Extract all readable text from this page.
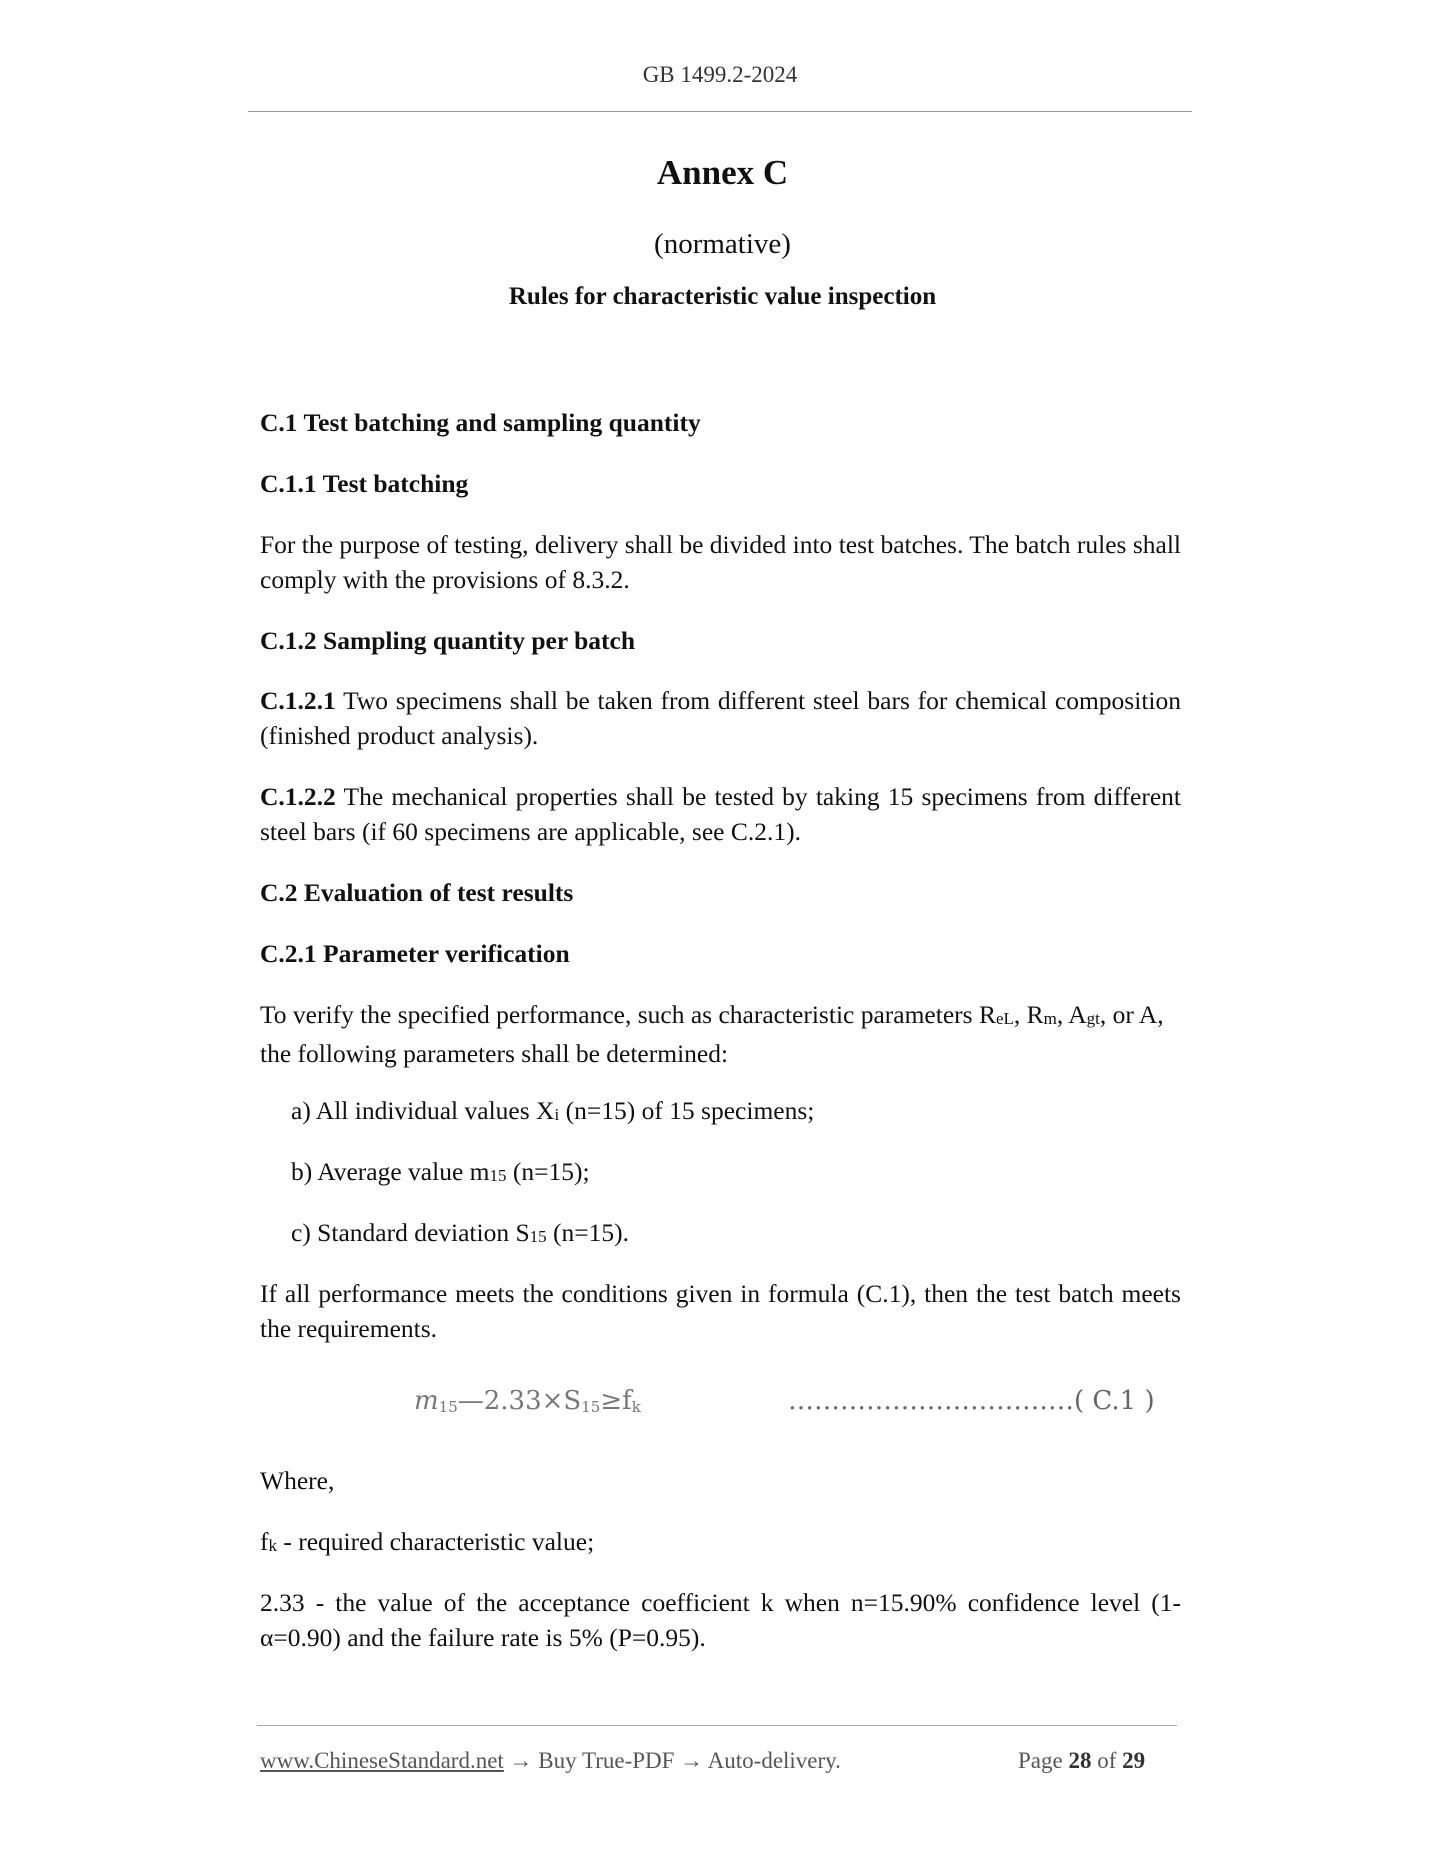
GB 1499.2-2024
Annex C
(normative)
Rules for characteristic value inspection
C.1 Test batching and sampling quantity
C.1.1 Test batching
For the purpose of testing, delivery shall be divided into test batches. The batch rules shall comply with the provisions of 8.3.2.
C.1.2 Sampling quantity per batch
C.1.2.1 Two specimens shall be taken from different steel bars for chemical composition (finished product analysis).
C.1.2.2 The mechanical properties shall be tested by taking 15 specimens from different steel bars (if 60 specimens are applicable, see C.2.1).
C.2 Evaluation of test results
C.2.1 Parameter verification
To verify the specified performance, such as characteristic parameters ReL, Rm, Agt, or A, the following parameters shall be determined:
a) All individual values Xi (n=15) of 15 specimens;
b) Average value m15 (n=15);
c) Standard deviation S15 (n=15).
If all performance meets the conditions given in formula (C.1), then the test batch meets the requirements.
m15—2.33×S15≥fk	……………………………( C.1 )
Where,
fk - required characteristic value;
2.33 - the value of the acceptance coefficient k when n=15.90% confidence level (1-α=0.90) and the failure rate is 5% (P=0.95).
www.ChineseStandard.net → Buy True-PDF → Auto-delivery.	Page 28 of 29
